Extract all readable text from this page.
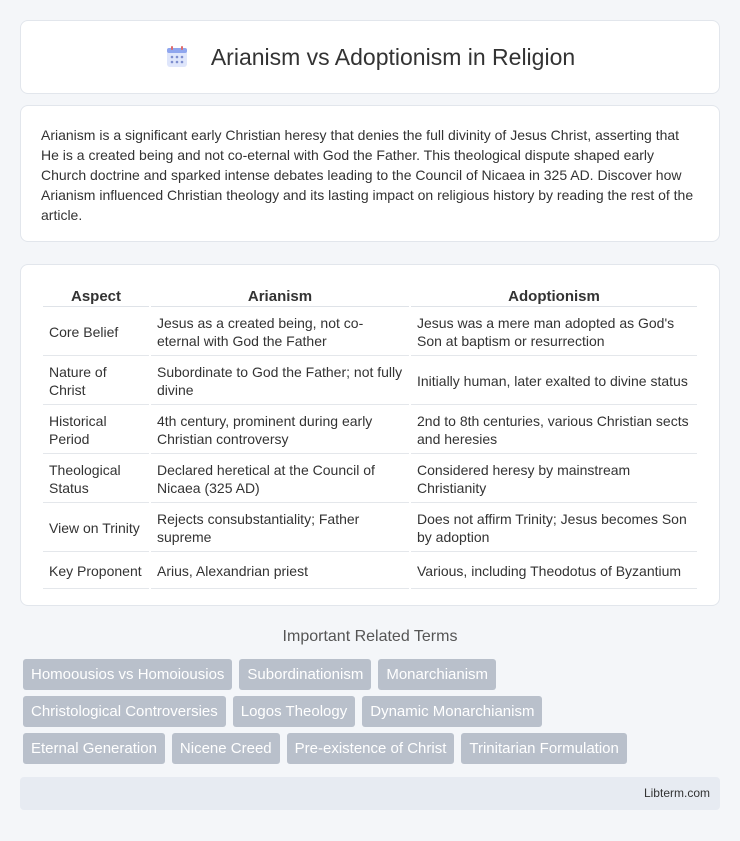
Arianism vs Adoptionism in Religion

Arianism is a significant early Christian heresy that denies the full divinity of Jesus Christ, asserting that He is a created being and not co-eternal with God the Father. This theological dispute shaped early Church doctrine and sparked intense debates leading to the Council of Nicaea in 325 AD. Discover how Arianism influenced Christian theology and its lasting impact on religious history by reading the rest of the article.

Aspect	Arianism	Adoptionism
Core Belief	Jesus as a created being, not co-eternal with God the Father	Jesus was a mere man adopted as God's Son at baptism or resurrection
Nature of Christ	Subordinate to God the Father; not fully divine	Initially human, later exalted to divine status
Historical Period	4th century, prominent during early Christian controversy	2nd to 8th centuries, various Christian sects and heresies
Theological Status	Declared heretical at the Council of Nicaea (325 AD)	Considered heresy by mainstream Christianity
View on Trinity	Rejects consubstantiality; Father supreme	Does not affirm Trinity; Jesus becomes Son by adoption
Key Proponent	Arius, Alexandrian priest	Various, including Theodotus of Byzantium
Important Related Terms
Homoousios vs Homoiousios	Subordinationism	Monarchianism
Christological Controversies	Logos Theology	Dynamic Monarchianism
Eternal Generation	Nicene Creed	Pre-existence of Christ	Trinitarian Formulation
Libterm.com
